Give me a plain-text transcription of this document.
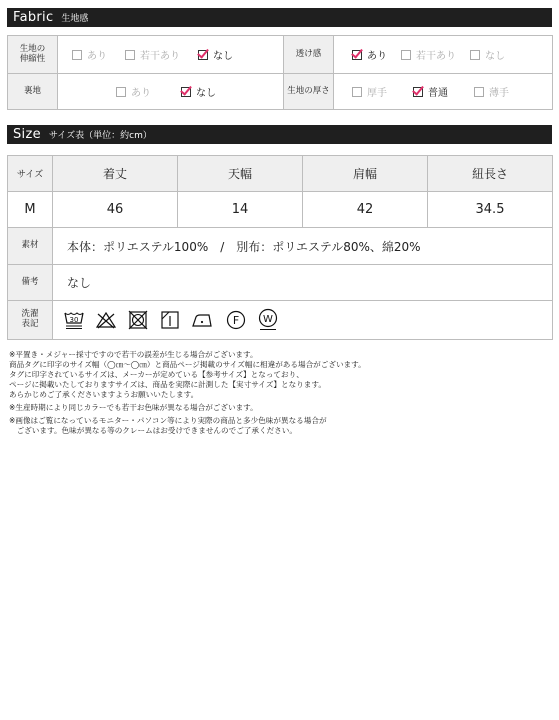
Fabric 生地感
生地の
伸縮性	あり 若干あり なし	透け感	あり 若干あり なし

裏地	あり なし	生地の厚さ	厚手 普通 薄手
Size サイズ表（単位：約cm）
サイズ	着丈	天幅	肩幅	紐長さ
M	46	14	42	34.5
素材	本体：ポリエステル100%　/　別布：ポリエステル80%、綿20%			
備考	なし			
洗濯
表記	30 F W			

※平置き・メジャー採寸ですので若干の誤差が生じる場合がございます。

商品タグに印字のサイズ幅（◯㎝〜◯㎝）と商品ページ掲載のサイズ幅に相違がある場合がございます。

タグに印字されているサイズは、メーカーが定めている【参考サイズ】となっており、

ページに掲載いたしておりますサイズは、商品を実際に計測した【実寸サイズ】となります。

あらかじめご了承くださいますようお願いいたします。

※生産時期により同じカラーでも若干お色味が異なる場合がございます。

※画像はご覧になっているモニター・パソコン等により実際の商品と多少色味が異なる場合が

　ございます。色味が異なる等のクレームはお受けできませんのでご了承ください。
